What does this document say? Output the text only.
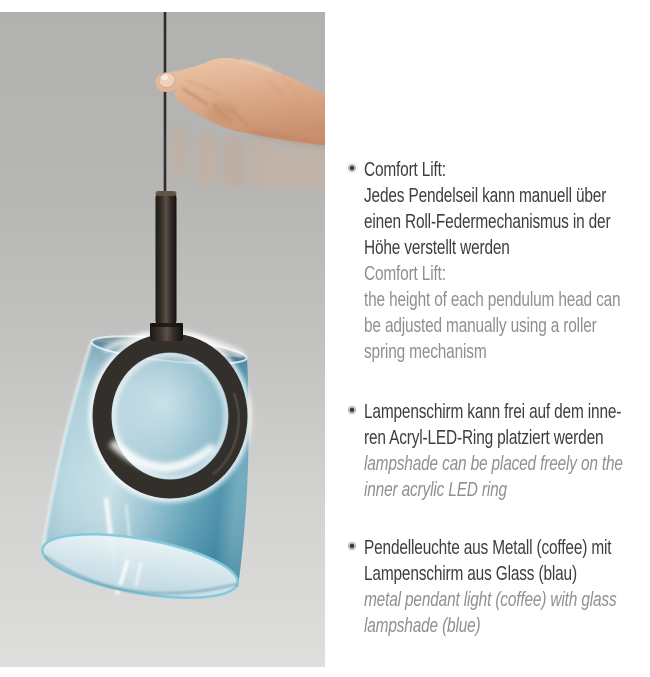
Comfort Lift:
Jedes Pendelseil kann manuell über
einen Roll-Federmechanismus in der
Höhe verstellt werden
Comfort Lift:
the height of each pendulum head can
be adjusted manually using a roller
spring mechanism
Lampenschirm kann frei auf dem inne-
ren Acryl-LED-Ring platziert werden
lampshade can be placed freely on the
inner acrylic LED ring
Pendelleuchte aus Metall (coffee) mit
Lampenschirm aus Glass (blau)
metal pendant light (coffee) with glass
lampshade (blue)
